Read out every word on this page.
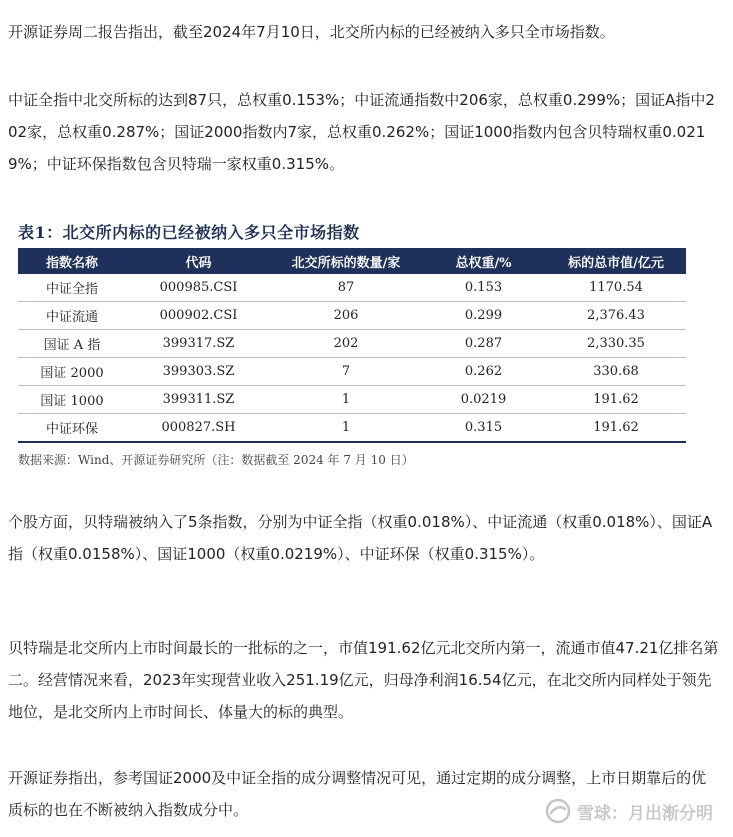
开源证券周二报告指出，截至2024年7月10日，北交所内标的已经被纳入多只全市场指数。

中证全指中北交所标的达到87只，总权重0.153%；中证流通指数中206家，总权重0.299%；国证A指中202家，总权重0.287%；国证2000指数内7家，总权重0.262%；国证1000指数内包含贝特瑞权重0.0219%；中证环保指数包含贝特瑞一家权重0.315%。

表1：北交所内标的已经被纳入多只全市场指数
指数名称	代码	北交所标的数量/家	总权重/%	标的总市值/亿元
中证全指	000985.CSI	87	0.153	1170.54
中证流通	000902.CSI	206	0.299	2,376.43
国证 A 指	399317.SZ	202	0.287	2,330.35
国证 2000	399303.SZ	7	0.262	330.68
国证 1000	399311.SZ	1	0.0219	191.62
中证环保	000827.SH	1	0.315	191.62
数据来源：Wind、开源证券研究所（注：数据截至 2024 年 7 月 10 日）

个股方面，贝特瑞被纳入了5条指数，分别为中证全指（权重0.018%）、中证流通（权重0.018%）、国证A指（权重0.0158%）、国证1000（权重0.0219%）、中证环保（权重0.315%）。

贝特瑞是北交所内上市时间最长的一批标的之一，市值191.62亿元北交所内第一，流通市值47.21亿排名第二。经营情况来看，2023年实现营业收入251.19亿元，归母净利润16.54亿元，在北交所内同样处于领先地位，是北交所内上市时间长、体量大的标的典型。

开源证券指出，参考国证2000及中证全指的成分调整情况可见，通过定期的成分调整，上市日期靠后的优质标的也在不断被纳入指数成分中。	雪球：月出渐分明
